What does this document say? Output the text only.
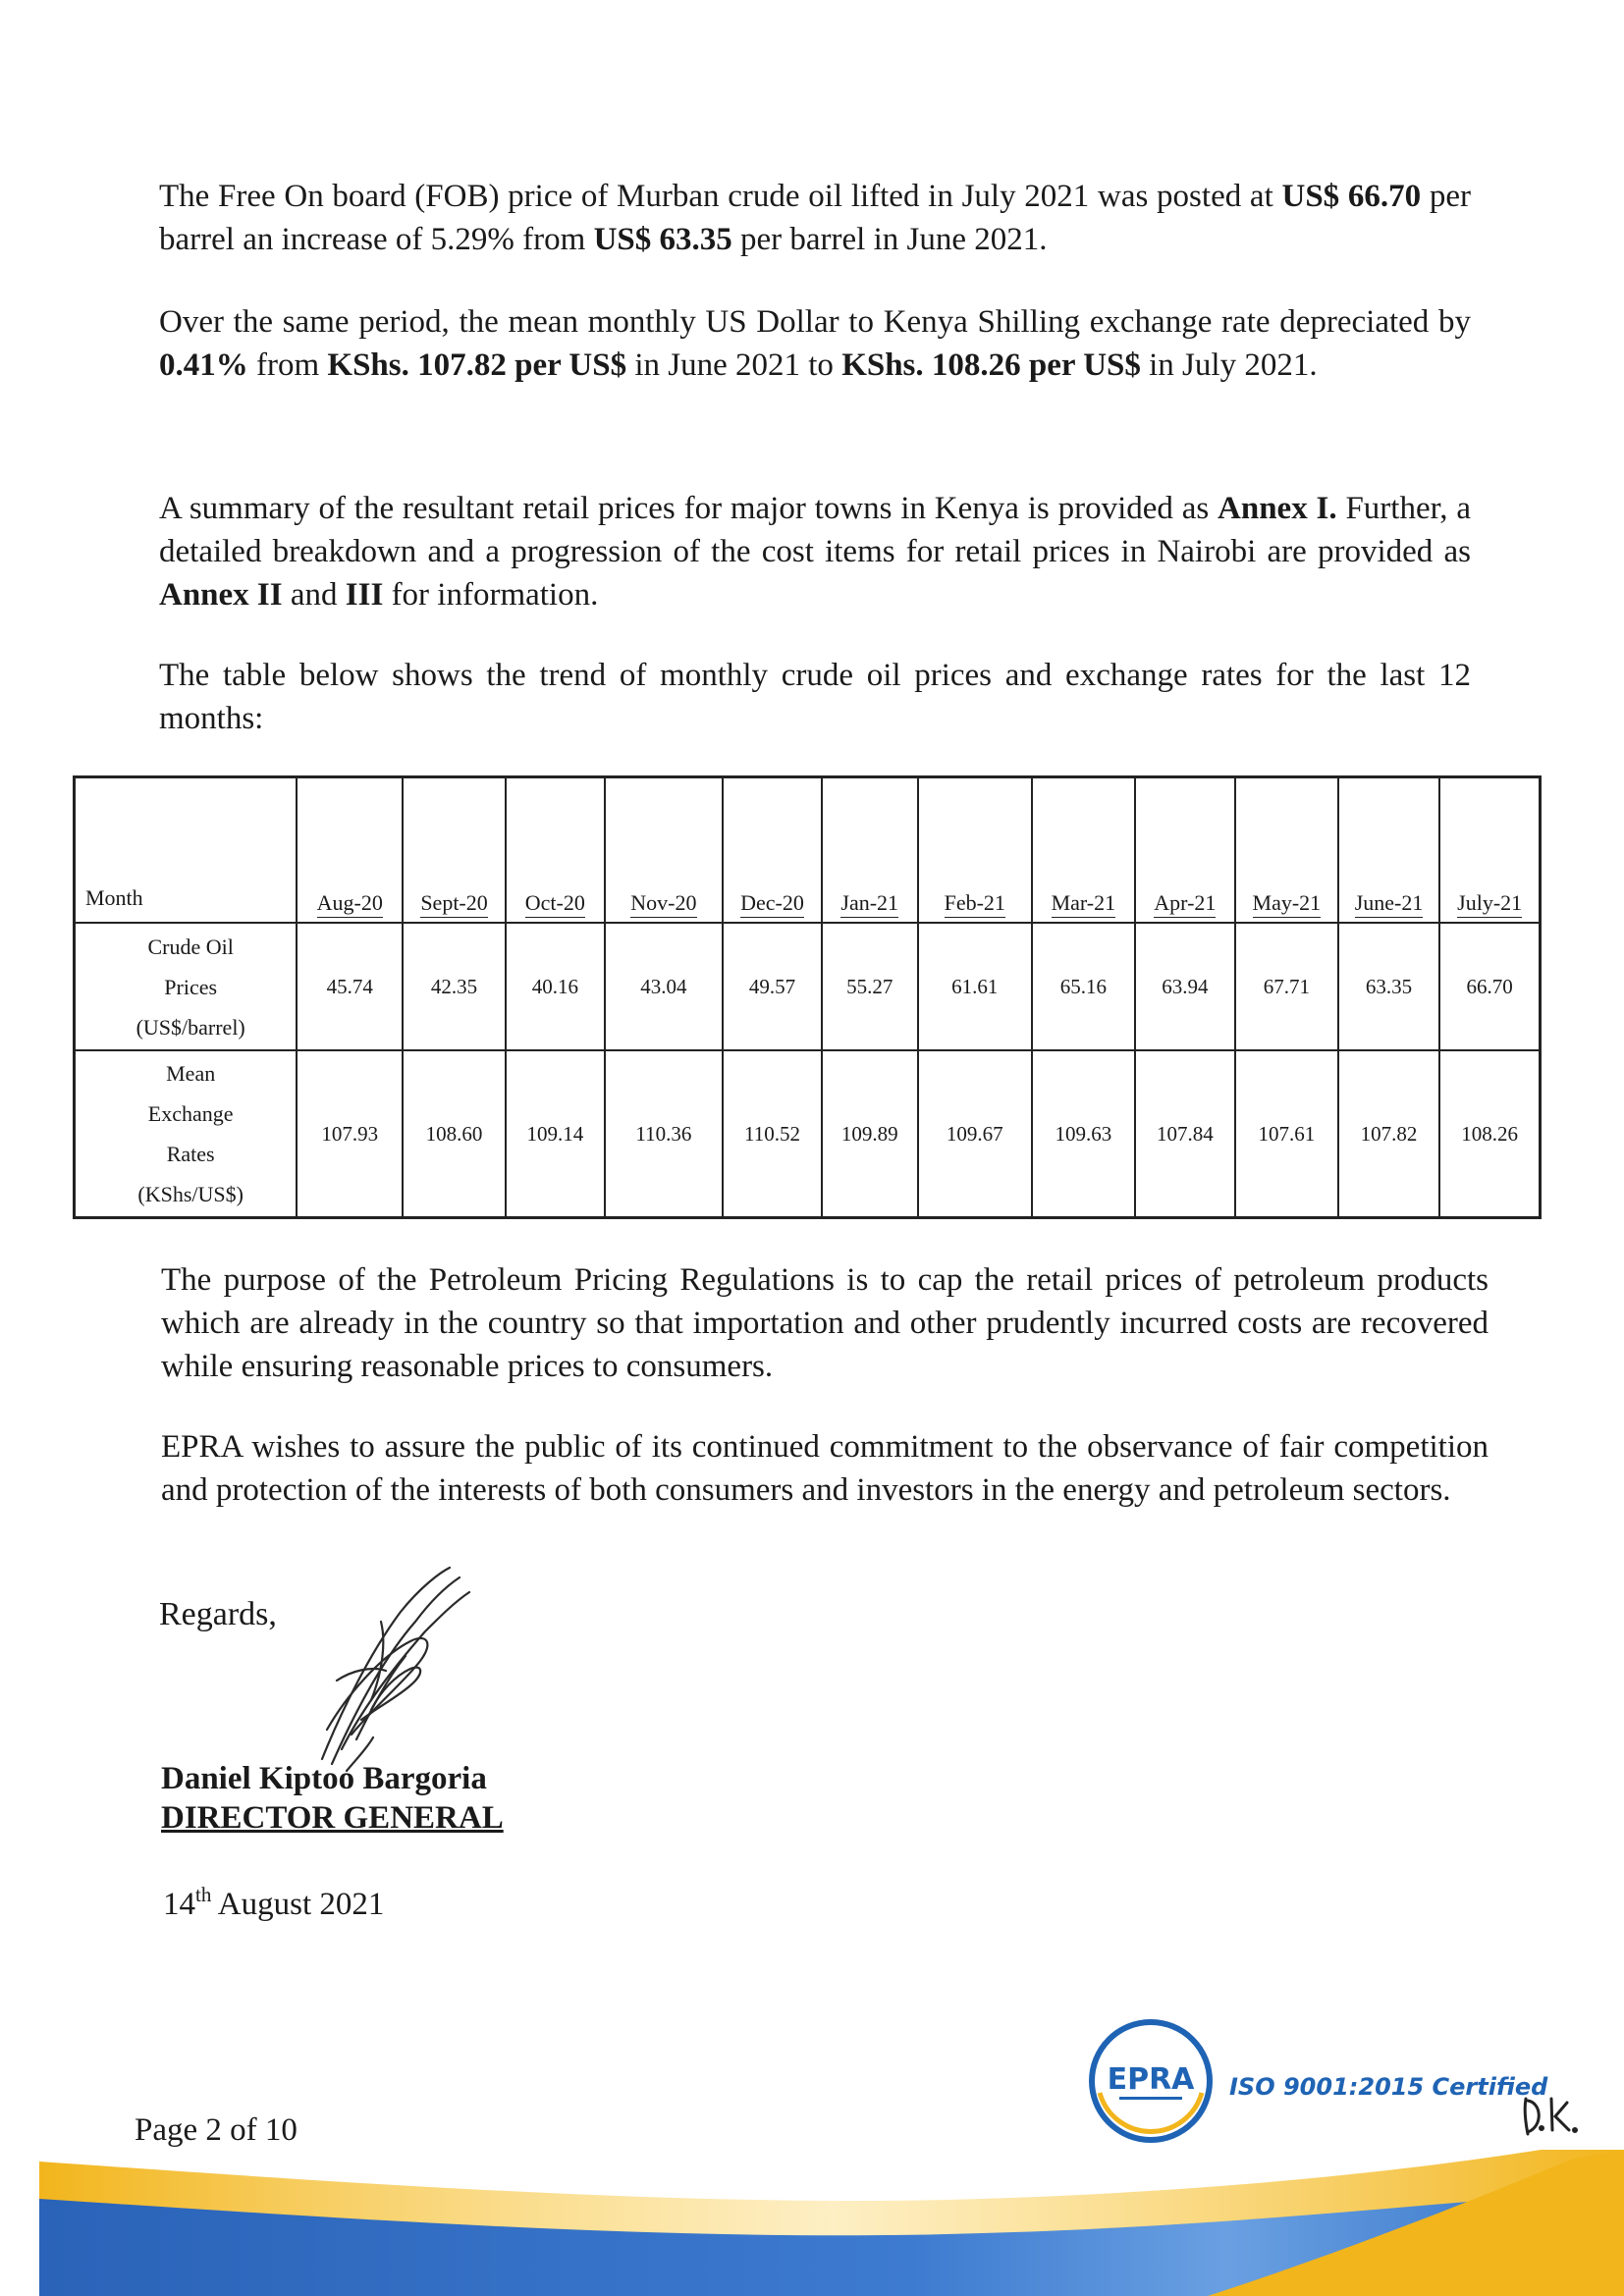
The Free On board (FOB) price of Murban crude oil lifted in July 2021 was posted at US$ 66.70 per barrel an increase of 5.29% from US$ 63.35 per barrel in June 2021.

Over the same period, the mean monthly US Dollar to Kenya Shilling exchange rate depreciated by 0.41% from KShs. 107.82 per US$ in June 2021 to KShs. 108.26 per US$ in July 2021.

A summary of the resultant retail prices for major towns in Kenya is provided as Annex I. Further, a detailed breakdown and a progression of the cost items for retail prices in Nairobi are provided as Annex II and III for information.

The table below shows the trend of monthly crude oil prices and exchange rates for the last 12 months:

Month	Aug-20	Sept-20	Oct-20	Nov-20	Dec-20	Jan-21	Feb-21	Mar-21	Apr-21	May-21	June-21	July-21

Crude Oil
Prices
(US$/barrel)	45.74	42.35	40.16	43.04	49.57	55.27	61.61	65.16	63.94	67.71	63.35	66.70

Mean
Exchange
Rates
(KShs/US$)	107.93	108.60	109.14	110.36	110.52	109.89	109.67	109.63	107.84	107.61	107.82	108.26

The purpose of the Petroleum Pricing Regulations is to cap the retail prices of petroleum products which are already in the country so that importation and other prudently incurred costs are recovered while ensuring reasonable prices to consumers.

EPRA wishes to assure the public of its continued commitment to the observance of fair competition and protection of the interests of both consumers and investors in the energy and petroleum sectors.

Regards,
Daniel Kiptoo Bargoria
DIRECTOR GENERAL
14th August 2021
Page 2 of 10
EPRA ISO 9001:2015 Certified
